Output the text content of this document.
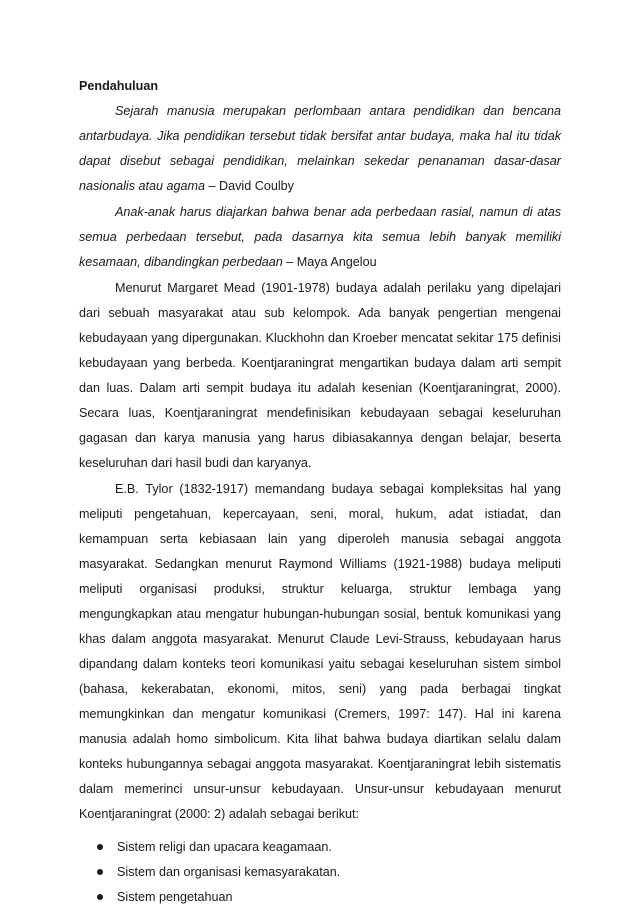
Pendahuluan

Sejarah manusia merupakan perlombaan antara pendidikan dan bencana antarbudaya. Jika pendidikan tersebut tidak bersifat antar budaya, maka hal itu tidak dapat disebut sebagai pendidikan, melainkan sekedar penanaman dasar-dasar nasionalis atau agama – David Coulby

Anak-anak harus diajarkan bahwa benar ada perbedaan rasial, namun di atas semua perbedaan tersebut, pada dasarnya kita semua lebih banyak memiliki kesamaan, dibandingkan perbedaan – Maya Angelou

Menurut Margaret Mead (1901-1978) budaya adalah perilaku yang dipelajari dari sebuah masyarakat atau sub kelompok. Ada banyak pengertian mengenai kebudayaan yang dipergunakan. Kluckhohn dan Kroeber mencatat sekitar 175 definisi kebudayaan yang berbeda. Koentjaraningrat mengartikan budaya dalam arti sempit dan luas. Dalam arti sempit budaya itu adalah kesenian (Koentjaraningrat, 2000). Secara luas, Koentjaraningrat mendefinisikan kebudayaan sebagai keseluruhan gagasan dan karya manusia yang harus dibiasakannya dengan belajar, beserta keseluruhan dari hasil budi dan karyanya.

E.B. Tylor (1832-1917) memandang budaya sebagai kompleksitas hal yang meliputi pengetahuan, kepercayaan, seni, moral, hukum, adat istiadat, dan kemampuan serta kebiasaan lain yang diperoleh manusia sebagai anggota masyarakat. Sedangkan menurut Raymond Williams (1921-1988) budaya meliputi meliputi organisasi produksi, struktur keluarga, struktur lembaga yang mengungkapkan atau mengatur hubungan-hubungan sosial, bentuk komunikasi yang khas dalam anggota masyarakat. Menurut Claude Levi-Strauss, kebudayaan harus dipandang dalam konteks teori komunikasi yaitu sebagai keseluruhan sistem simbol (bahasa, kekerabatan, ekonomi, mitos, seni) yang pada berbagai tingkat memungkinkan dan mengatur komunikasi (Cremers, 1997: 147). Hal ini karena manusia adalah homo simbolicum. Kita lihat bahwa budaya diartikan selalu dalam konteks hubungannya sebagai anggota masyarakat. Koentjaraningrat lebih sistematis dalam memerinci unsur-unsur kebudayaan. Unsur-unsur kebudayaan menurut Koentjaraningrat (2000: 2) adalah sebagai berikut:

Sistem religi dan upacara keagamaan.
Sistem dan organisasi kemasyarakatan.
Sistem pengetahuan
